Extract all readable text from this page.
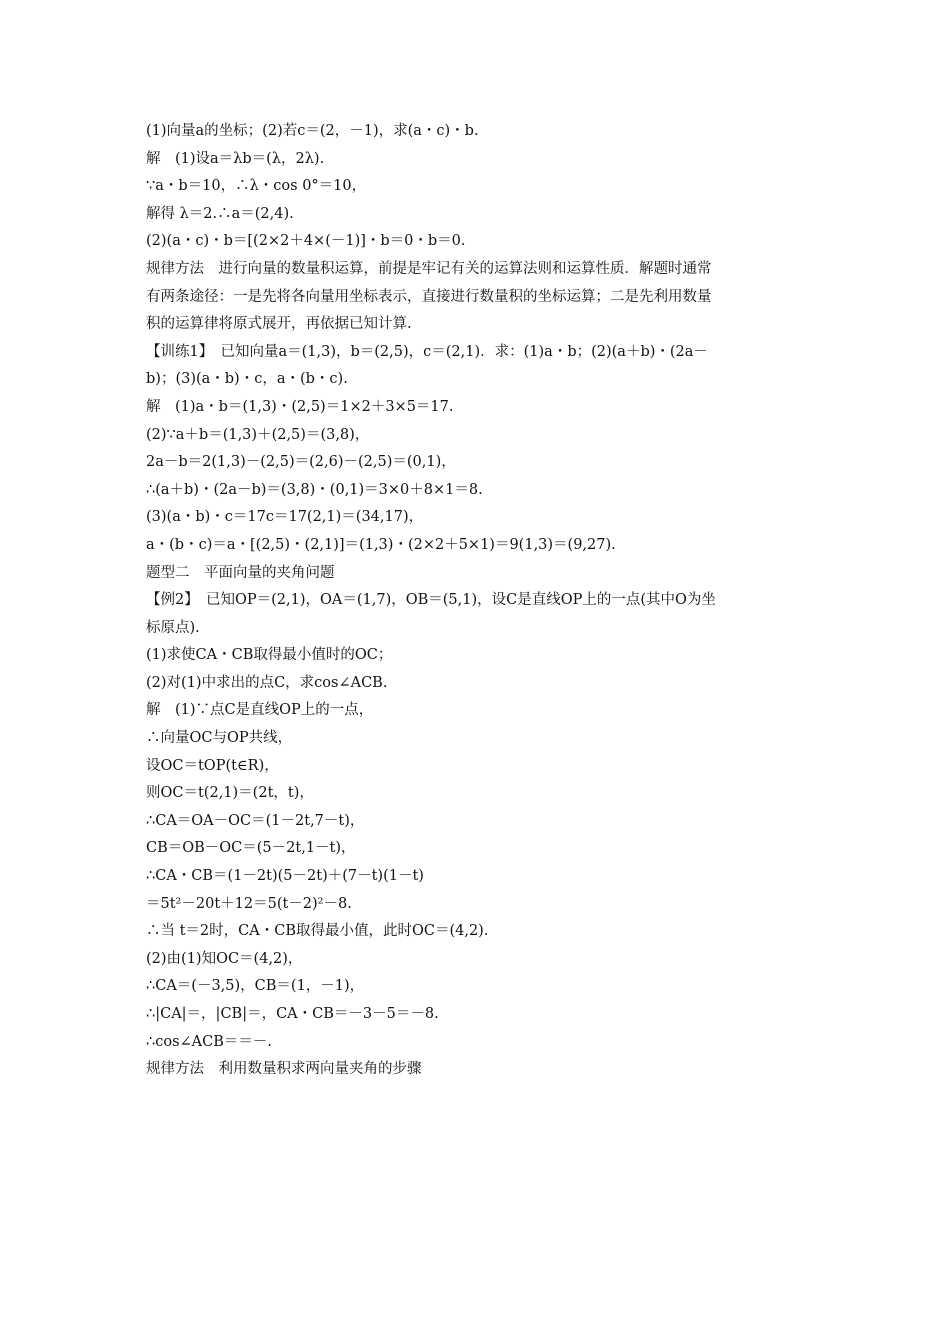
(1)向量a的坐标；(2)若c＝(2，－1)，求(a・c)・b.
解　(1)设a＝λb＝(λ，2λ).
∵a・b＝10，∴λ・cos 0°＝10，
解得 λ＝2.∴a＝(2,4).
(2)(a・c)・b＝[(2×2＋4×(－1)]・b＝0・b＝0.
规律方法　进行向量的数量积运算，前提是牢记有关的运算法则和运算性质．解题时通常
有两条途径：一是先将各向量用坐标表示，直接进行数量积的坐标运算；二是先利用数量
积的运算律将原式展开，再依据已知计算.
【训练1】　已知向量a＝(1,3)，b＝(2,5)，c＝(2,1)．求：(1)a・b；(2)(a＋b)・(2a－
b)；(3)(a・b)・c，a・(b・c).
解　(1)a・b＝(1,3)・(2,5)＝1×2＋3×5＝17.
(2)∵a＋b＝(1,3)＋(2,5)＝(3,8)，
2a－b＝2(1,3)－(2,5)＝(2,6)－(2,5)＝(0,1)，
∴(a＋b)・(2a－b)＝(3,8)・(0,1)＝3×0＋8×1＝8.
(3)(a・b)・c＝17c＝17(2,1)＝(34,17)，
a・(b・c)＝a・[(2,5)・(2,1)]＝(1,3)・(2×2＋5×1)＝9(1,3)＝(9,27).
题型二　平面向量的夹角问题
【例2】　已知OP＝(2,1)，OA＝(1,7)，OB＝(5,1)，设C是直线OP上的一点(其中O为坐
标原点).
(1)求使CA・CB取得最小值时的OC；
(2)对(1)中求出的点C，求cos∠ACB.
解　(1)∵点C是直线OP上的一点，
∴向量OC与OP共线，
设OC＝tOP(t∈R)，
则OC＝t(2,1)＝(2t，t)，
∴CA＝OA－OC＝(1－2t,7－t)，
CB＝OB－OC＝(5－2t,1－t)，
∴CA・CB＝(1－2t)(5－2t)＋(7－t)(1－t)
＝5t²－20t＋12＝5(t－2)²－8.
∴当 t＝2时，CA・CB取得最小值，此时OC＝(4,2).
(2)由(1)知OC＝(4,2)，
∴CA＝(－3,5)，CB＝(1，－1)，
∴|CA|＝，|CB|＝，CA・CB＝－3－5＝－8.
∴cos∠ACB＝＝－.
规律方法　利用数量积求两向量夹角的步骤
